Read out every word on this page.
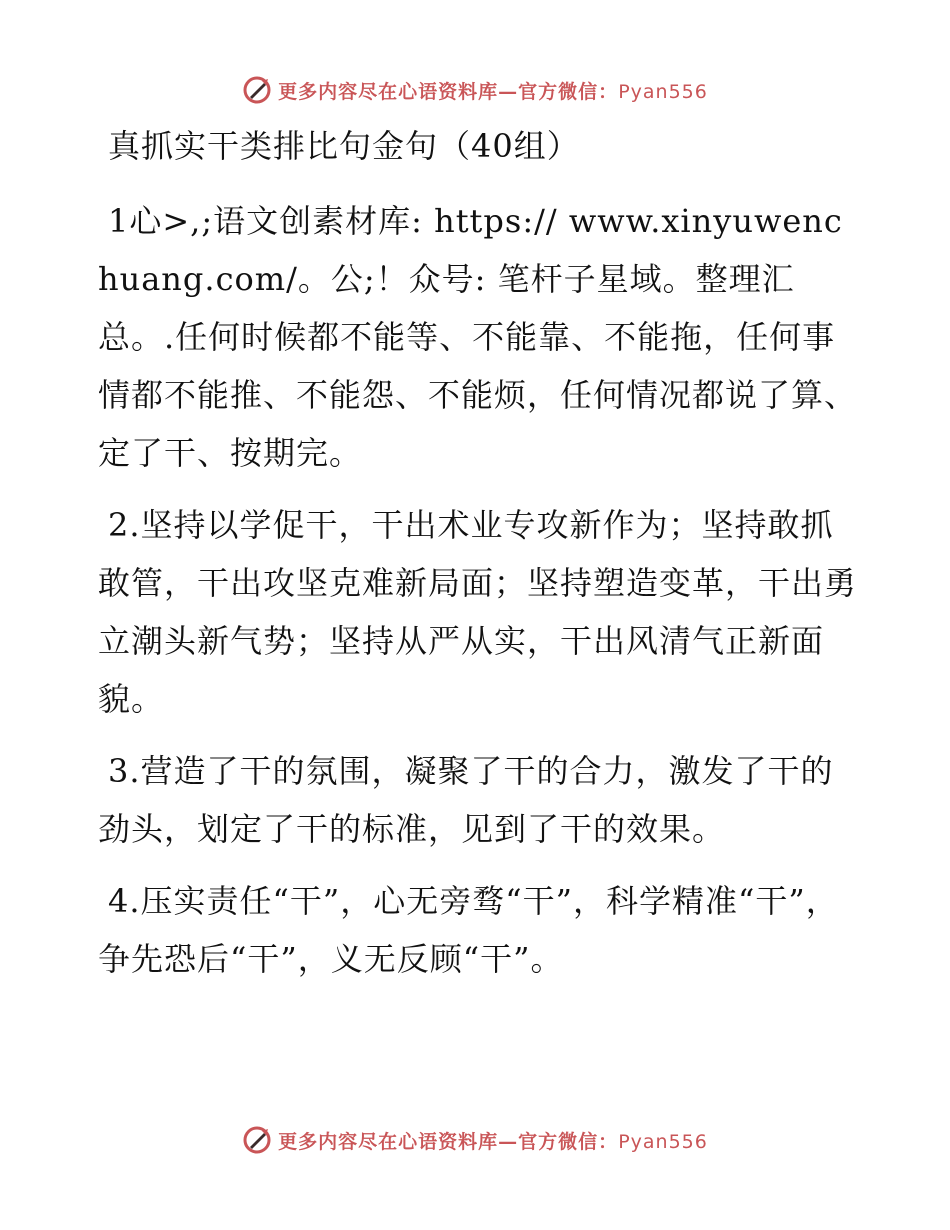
更多内容尽在心语资料库—官方微信：Pyan556
真抓实干类排比句金句（40组）

1心>,;语文创素材库: https:// www.xinyuwenchuang.com/。公;！众号: 笔杆子星域。整理汇总。.任何时候都不能等、不能靠、不能拖，任何事情都不能推、不能怨、不能烦，任何情况都说了算、定了干、按期完。

2.坚持以学促干，干出术业专攻新作为；坚持敢抓敢管，干出攻坚克难新局面；坚持塑造变革，干出勇立潮头新气势；坚持从严从实，干出风清气正新面貌。

3.营造了干的氛围，凝聚了干的合力，激发了干的劲头，划定了干的标准，见到了干的效果。

4.压实责任“干”，心无旁骛“干”，科学精准“干”，争先恐后“干”，义无反顾“干”。

更多内容尽在心语资料库—官方微信：Pyan556
